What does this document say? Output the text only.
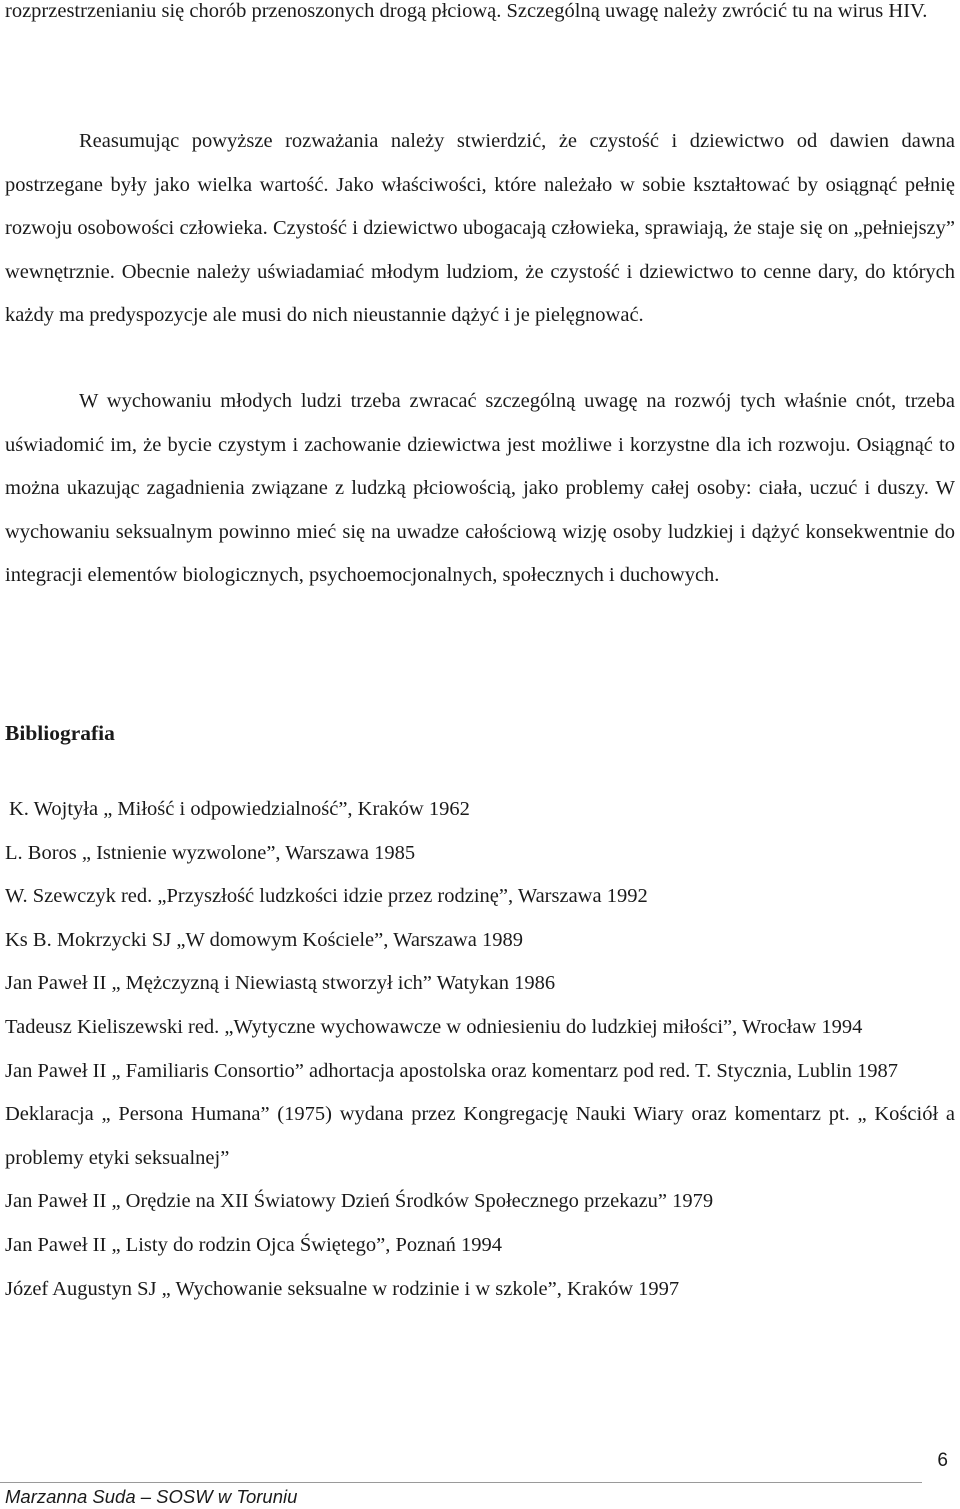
rozprzestrzenianiu się chorób przenoszonych drogą płciową. Szczególną uwagę należy zwrócić tu na wirus HIV.

Reasumując powyższe rozważania należy stwierdzić, że czystość i dziewictwo od dawien dawna postrzegane były jako wielka wartość. Jako właściwości, które należało w sobie kształtować by osiągnąć pełnię rozwoju osobowości człowieka. Czystość i dziewictwo ubogacają człowieka, sprawiają, że staje się on „pełniejszy” wewnętrznie. Obecnie należy uświadamiać młodym ludziom, że czystość i dziewictwo to cenne dary, do których każdy ma predyspozycje ale musi do nich nieustannie dążyć i je pielęgnować.

W wychowaniu młodych ludzi trzeba zwracać szczególną uwagę na rozwój tych właśnie cnót, trzeba uświadomić im, że bycie czystym i zachowanie dziewictwa jest możliwe i korzystne dla ich rozwoju. Osiągnąć to można ukazując zagadnienia związane z ludzką płciowością, jako problemy całej osoby: ciała, uczuć i duszy. W wychowaniu seksualnym powinno mieć się na uwadze całościową wizję osoby ludzkiej i dążyć konsekwentnie do integracji elementów biologicznych, psychoemocjonalnych, społecznych i duchowych.

Bibliografia
K. Wojtyła „ Miłość i odpowiedzialność”, Kraków 1962
L. Boros „ Istnienie wyzwolone”, Warszawa 1985
W. Szewczyk red. „Przyszłość ludzkości idzie przez rodzinę”, Warszawa 1992
Ks B. Mokrzycki SJ „W domowym Kościele”, Warszawa 1989
Jan Paweł II „ Mężczyzną i Niewiastą stworzył ich” Watykan 1986
Tadeusz Kieliszewski red. „Wytyczne wychowawcze w odniesieniu do ludzkiej miłości”, Wrocław 1994
Jan Paweł II „ Familiaris Consortio” adhortacja apostolska oraz komentarz pod red. T. Stycznia, Lublin 1987
Deklaracja „ Persona Humana” (1975) wydana przez Kongregację Nauki Wiary oraz komentarz pt. „ Kościół a problemy etyki seksualnej”
Jan Paweł II „ Orędzie na XII Światowy Dzień Środków Społecznego przekazu” 1979
Jan Paweł II „ Listy do rodzin Ojca Świętego”, Poznań 1994
Józef Augustyn SJ „ Wychowanie seksualne w rodzinie i w szkole”, Kraków 1997
6
Marzanna Suda – SOSW w Toruniu
